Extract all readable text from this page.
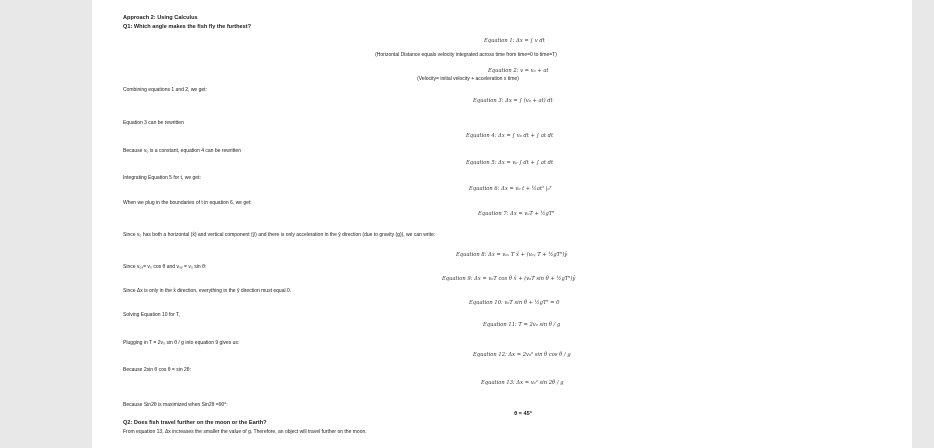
Approach 2: Using Calculus
Q1: Which angle makes the fish fly the furthest?
Equation 1: Δx = ∫ v dt
(Horizontal Distance equals velocity integrated across time from time=0 to time=T)
Equation 2: v = v₀ + at
(Velocity= initial velocity + acceleration x time)
Combining equations 1 and 2, we get:
Equation 3: Δx = ∫ (v₀ + at) dt
Equation 3 can be rewritten
Equation 4: Δx = ∫ v₀ dt + ∫ at dt
Because v₀ is a constant, equation 4 can be rewritten
Equation 5: Δx = v₀ ∫ dt + ∫ at dt
Integrating Equation 5 for t, we get:
Equation 6: Δx = v₀ t + ½at² |₀ᵀ
When we plug in the boundaries of t in equation 6, we get:
Equation 7: Δx = v₀T + ½gT²
Since v₀ has both a horizontal (x̂) and vertical component (ŷ) and there is only acceleration in the ŷ direction (due to gravity (g)), we can write:
Equation 8: Δx = v₀ₓ T x̂ + (v₀ᵧ T + ½gT²)ŷ
Since v₀ₓ= v₀ cos θ and v₀ᵧ = v₀ sin θ:
Equation 9: Δx = v₀T cos θ x̂ + (v₀T sin θ + ½gT²)ŷ
Since Δx is only in the x̂ direction, everything in the ŷ direction must equal 0.
Equation 10: v₀T sin θ + ½gT² = 0
Solving Equation 10 for T,
Equation 11: T = 2v₀ sin θ / g
Plugging in T = 2v₀ sin θ / g into equation 9 gives us:
Equation 12: Δx = 2v₀² sin θ cos θ / g
Because 2sin θ cos θ = sin 2θ:
Equation 13: Δx = v₀² sin 2θ / g
Because Sin2θ is maximized when Sin2θ =90°:
θ = 45°
Q2: Does fish travel further on the moon or the Earth?
From equation 13, Δx increases the smaller the value of g. Therefore, an object will travel further on the moon.
